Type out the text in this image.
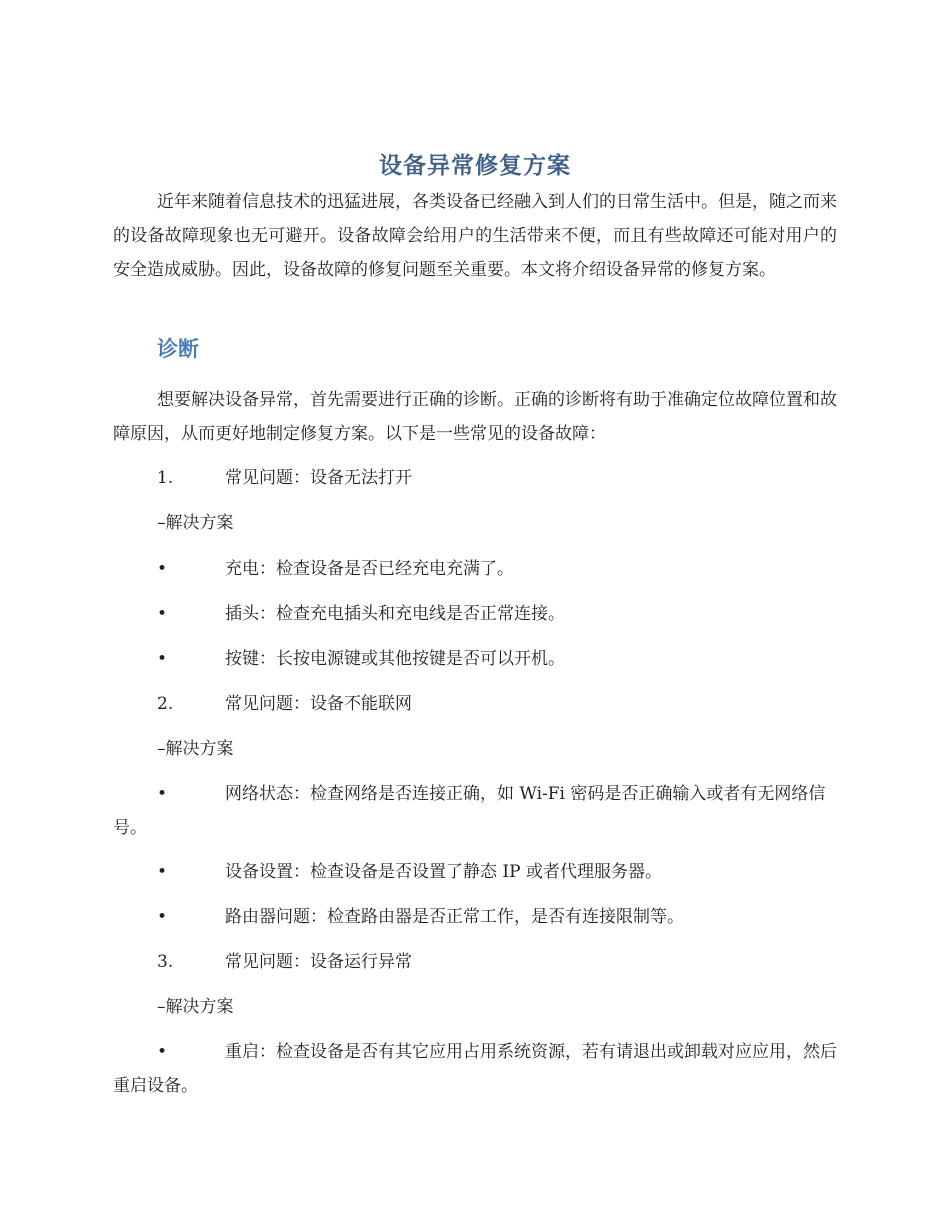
设备异常修复方案
近年来随着信息技术的迅猛进展，各类设备已经融入到人们的日常生活中。但是，随之而来的设备故障现象也无可避开。设备故障会给用户的生活带来不便，而且有些故障还可能对用户的安全造成威胁。因此，设备故障的修复问题至关重要。本文将介绍设备异常的修复方案。
诊断
想要解决设备异常，首先需要进行正确的诊断。正确的诊断将有助于准确定位故障位置和故障原因，从而更好地制定修复方案。以下是一些常见的设备故障：
1.	常见问题：设备无法打开
–解决方案
•	充电：检查设备是否已经充电充满了。
•	插头：检查充电插头和充电线是否正常连接。
•	按键：长按电源键或其他按键是否可以开机。
2.	常见问题：设备不能联网
–解决方案
•	网络状态：检查网络是否连接正确，如 Wi-Fi 密码是否正确输入或者有无网络信号。
•	设备设置：检查设备是否设置了静态 IP 或者代理服务器。
•	路由器问题：检查路由器是否正常工作，是否有连接限制等。
3.	常见问题：设备运行异常
–解决方案
•	重启：检查设备是否有其它应用占用系统资源，若有请退出或卸载对应应用，然后重启设备。
